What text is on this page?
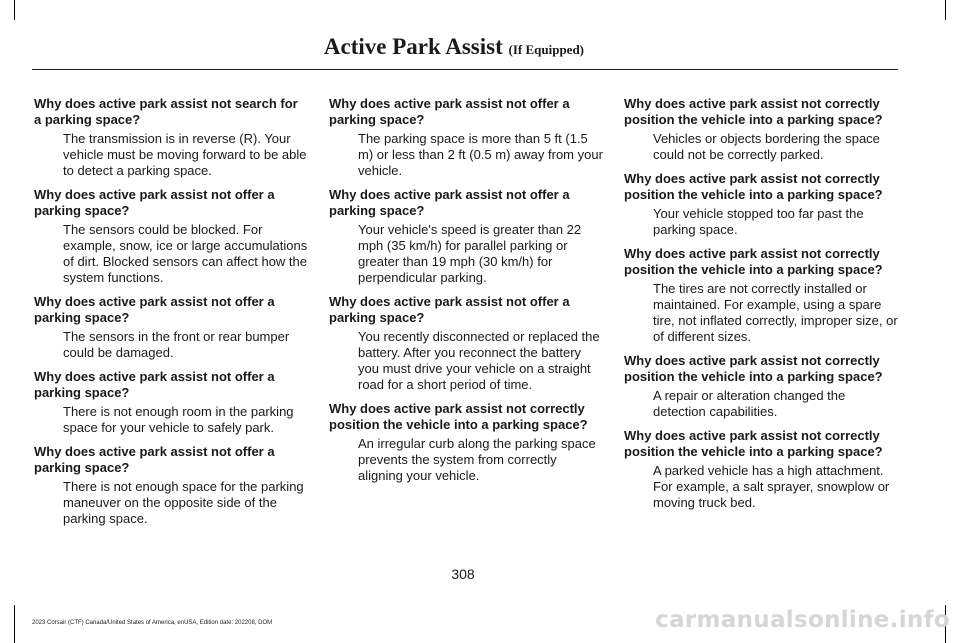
Active Park Assist (If Equipped)

Why does active park assist not search for a parking space?

The transmission is in reverse (R). Your vehicle must be moving forward to be able to detect a parking space.

Why does active park assist not offer a parking space?

The sensors could be blocked. For example, snow, ice or large accumulations of dirt. Blocked sensors can affect how the system functions.

Why does active park assist not offer a parking space?

The sensors in the front or rear bumper could be damaged.

Why does active park assist not offer a parking space?

There is not enough room in the parking space for your vehicle to safely park.

Why does active park assist not offer a parking space?

There is not enough space for the parking maneuver on the opposite side of the parking space.

Why does active park assist not offer a parking space?

The parking space is more than 5 ft (1.5 m) or less than 2 ft (0.5 m) away from your vehicle.

Why does active park assist not offer a parking space?

Your vehicle's speed is greater than 22 mph (35 km/h) for parallel parking or greater than 19 mph (30 km/h) for perpendicular parking.

Why does active park assist not offer a parking space?

You recently disconnected or replaced the battery. After you reconnect the battery you must drive your vehicle on a straight road for a short period of time.

Why does active park assist not correctly position the vehicle into a parking space?

An irregular curb along the parking space prevents the system from correctly aligning your vehicle.

Why does active park assist not correctly position the vehicle into a parking space?

Vehicles or objects bordering the space could not be correctly parked.

Why does active park assist not correctly position the vehicle into a parking space?

Your vehicle stopped too far past the parking space.

Why does active park assist not correctly position the vehicle into a parking space?

The tires are not correctly installed or maintained. For example, using a spare tire, not inflated correctly, improper size, or of different sizes.

Why does active park assist not correctly position the vehicle into a parking space?

A repair or alteration changed the detection capabilities.

Why does active park assist not correctly position the vehicle into a parking space?

A parked vehicle has a high attachment. For example, a salt sprayer, snowplow or moving truck bed.

308
2023 Corsair (CTF) Canada/United States of America, enUSA, Edition date: 202208, DOM	carmanualsonline.info
